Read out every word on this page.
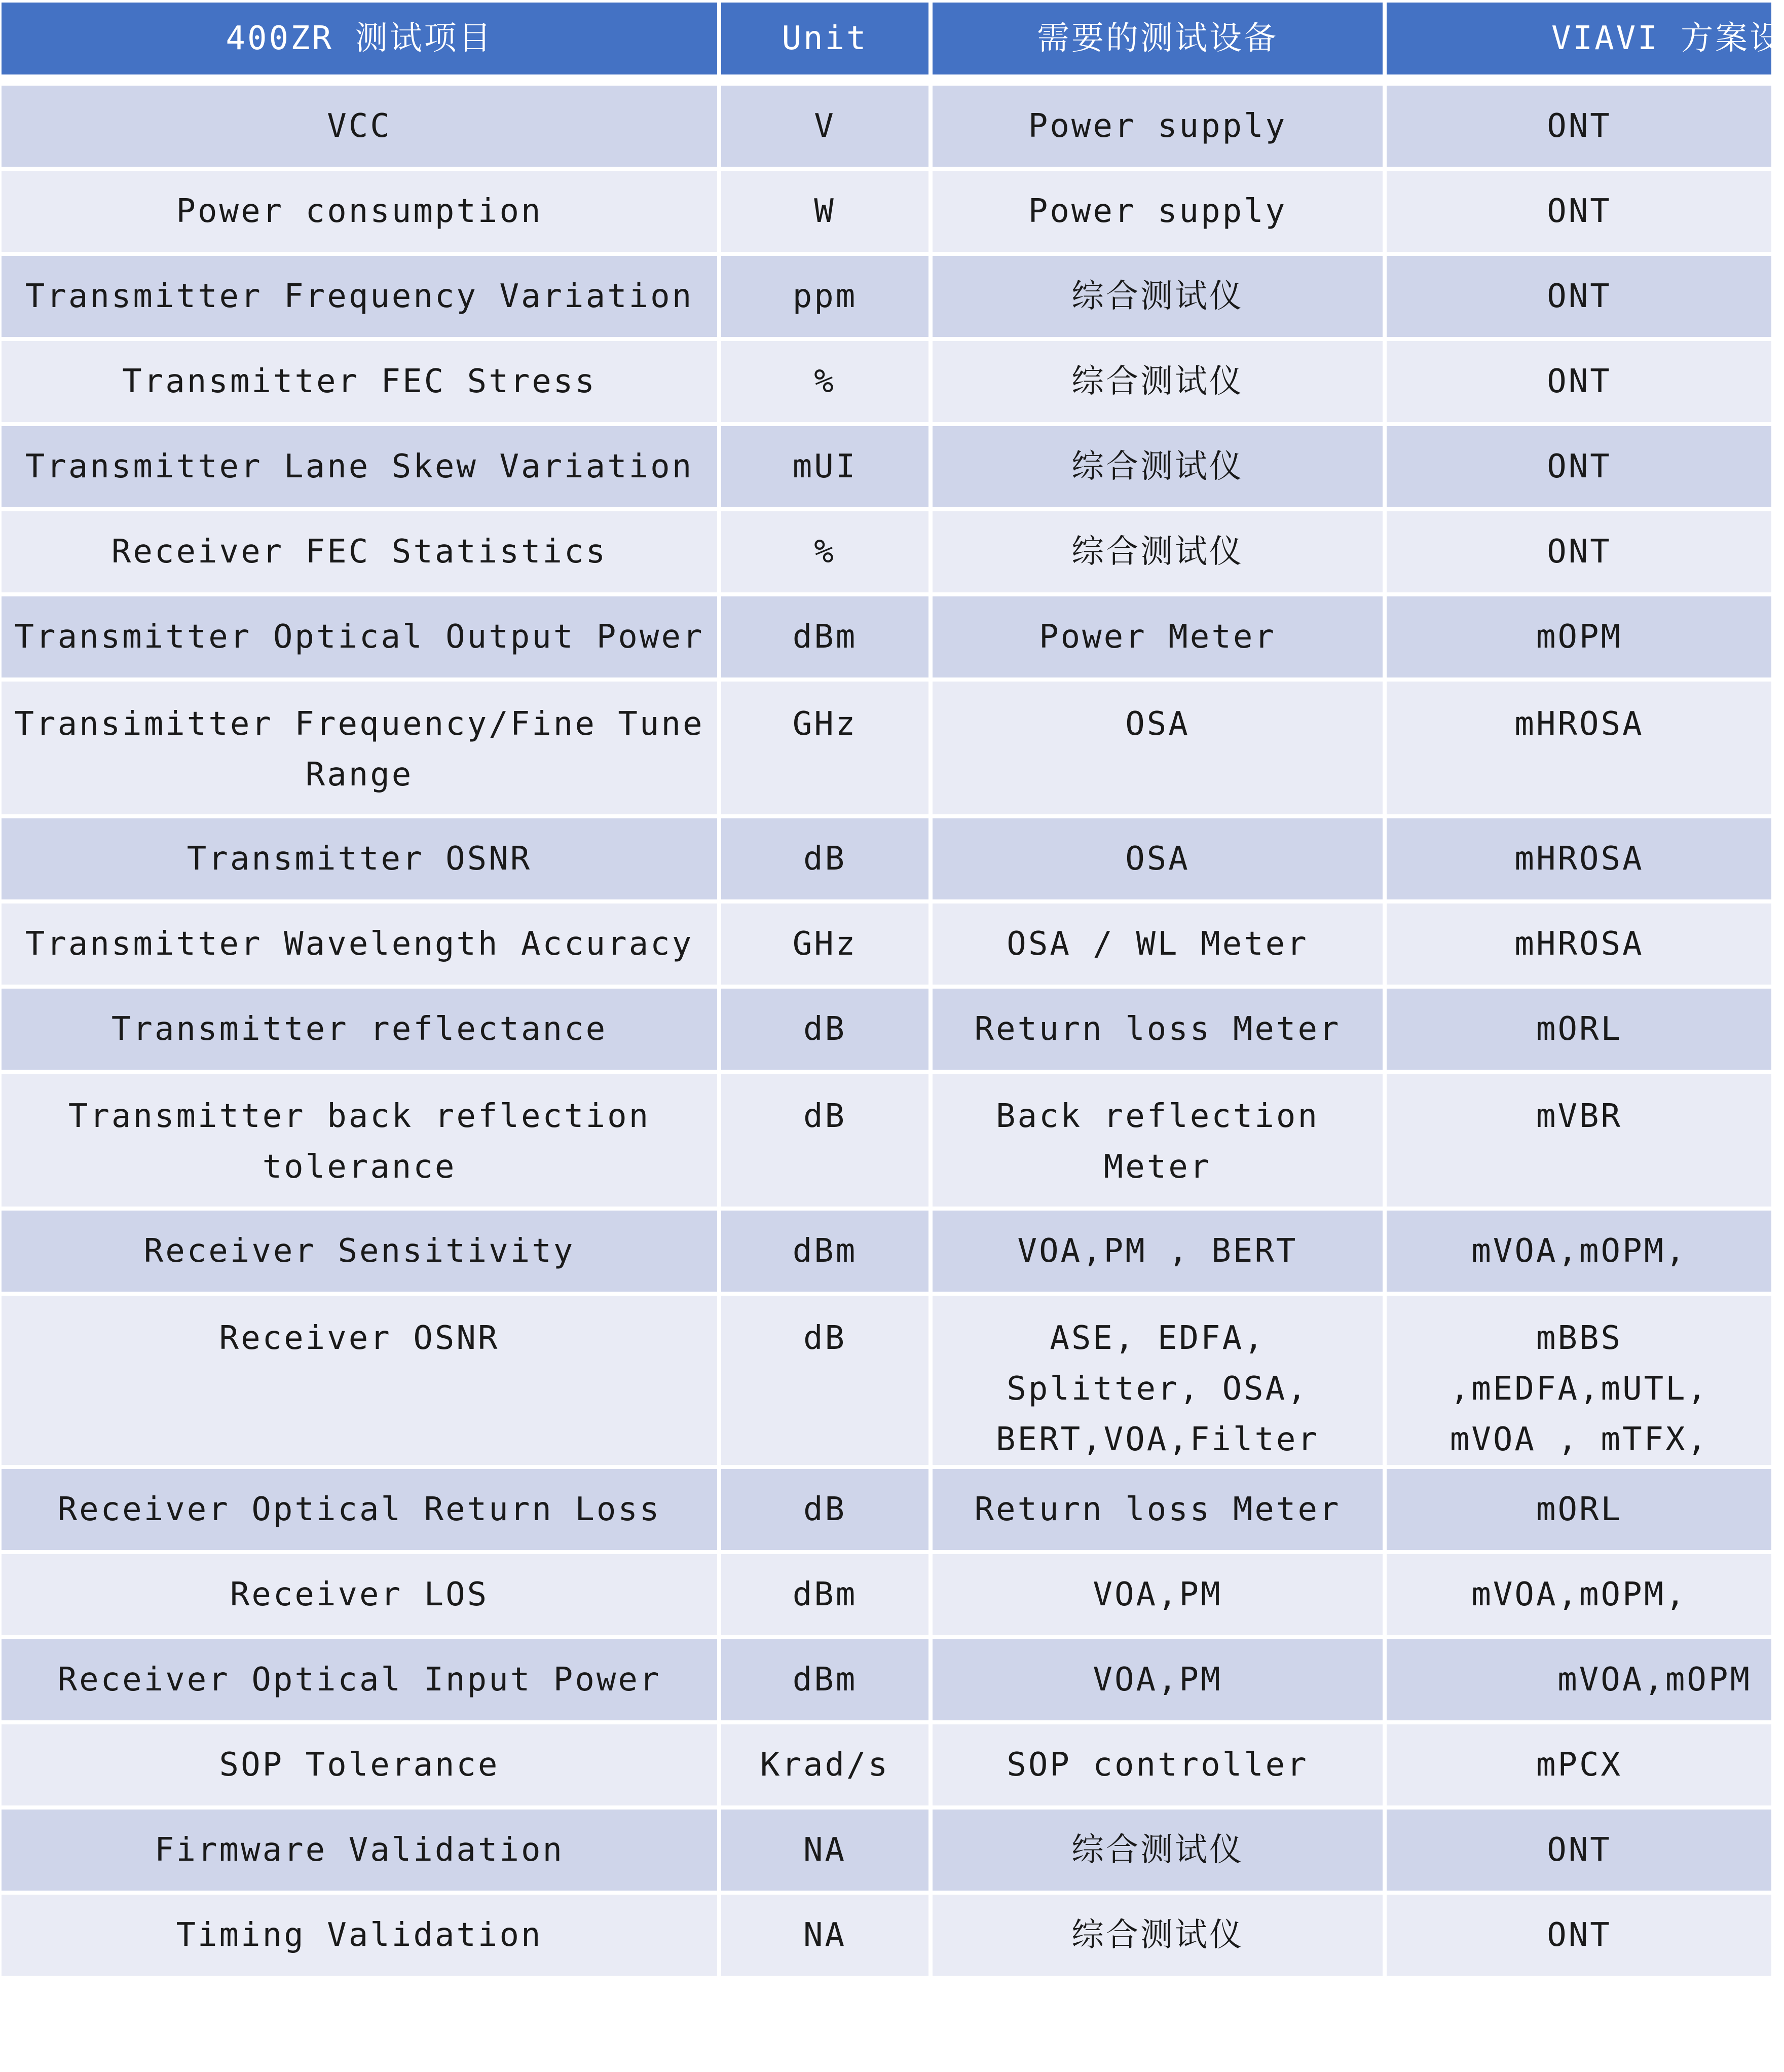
400ZR 测试项目	Unit	需要的测试设备	VIAVI 方案设
VCC	V	Power supply	ONT

Power consumption	W	Power supply	ONT

Transmitter Frequency Variation	ppm	综合测试仪	ONT

Transmitter FEC Stress	%	综合测试仪	ONT

Transmitter Lane Skew Variation	mUI	综合测试仪	ONT

Receiver FEC Statistics	%	综合测试仪	ONT

Transmitter Optical Output Power	dBm	Power Meter	mOPM

Transimitter Frequency/Fine Tune Range	GHz	OSA	mHROSA

Transmitter OSNR	dB	OSA	mHROSA

Transmitter Wavelength Accuracy	GHz	OSA / WL Meter	mHROSA

Transmitter reflectance	dB	Return loss Meter	mORL

Transmitter back reflection tolerance	dB	Back reflection Meter	mVBR

Receiver Sensitivity	dBm	VOA,PM , BERT	mVOA,mOPM,

Receiver OSNR	dB	ASE, EDFA, Splitter, OSA, BERT,VOA,Filter	mBBS ,mEDFA,mUTL, mVOA , mTFX,

Receiver Optical Return Loss	dB	Return loss Meter	mORL

Receiver LOS	dBm	VOA,PM	mVOA,mOPM,

Receiver Optical Input Power	dBm	VOA,PM	mVOA,mOPM

SOP Tolerance	Krad/s	SOP controller	mPCX

Firmware Validation	NA	综合测试仪	ONT

Timing Validation	NA	综合测试仪	ONT
